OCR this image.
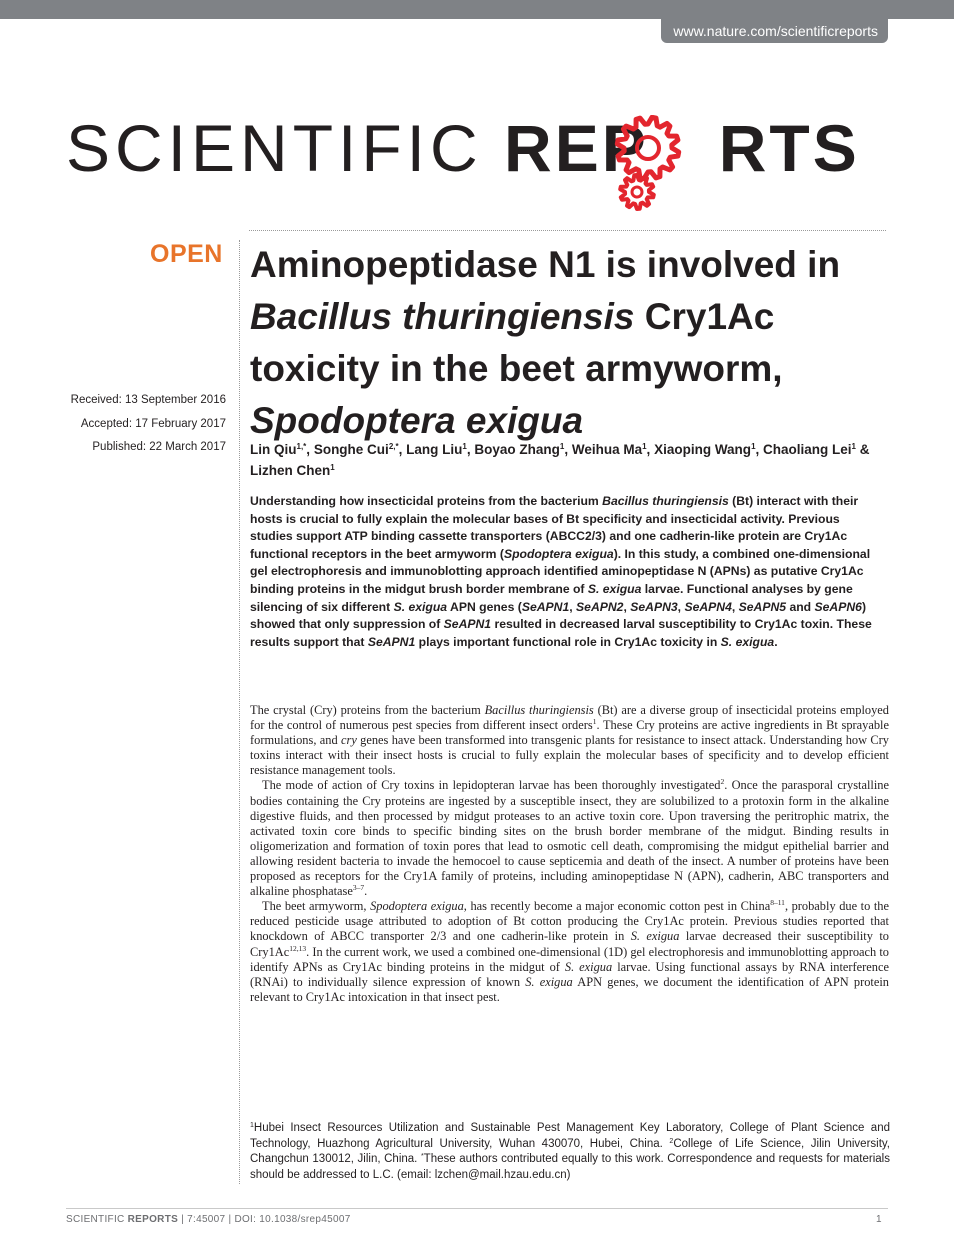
www.nature.com/scientificreports
SCIENTIFIC REP RTS
OPEN
Received: 13 September 2016
Accepted: 17 February 2017
Published: 22 March 2017
Aminopeptidase N1 is involved in Bacillus thuringiensis Cry1Ac toxicity in the beet armyworm, Spodoptera exigua
Lin Qiu$^{1,*}$, Songhe Cui$^{2,*}$, Lang Liu$^1$, Boyao Zhang$^1$, Weihua Ma$^1$, Xiaoping Wang$^1$, Chaoliang Lei$^1$ & Lizhen Chen$^1$
Understanding how insecticidal proteins from the bacterium Bacillus thuringiensis (Bt) interact with their hosts is crucial to fully explain the molecular bases of Bt specificity and insecticidal activity. Previous studies support ATP binding cassette transporters (ABCC2/3) and one cadherin-like protein are Cry1Ac functional receptors in the beet armyworm (Spodoptera exigua). In this study, a combined one-dimensional gel electrophoresis and immunoblotting approach identified aminopeptidase N (APNs) as putative Cry1Ac binding proteins in the midgut brush border membrane of S. exigua larvae. Functional analyses by gene silencing of six different S. exigua APN genes (SeAPN1, SeAPN2, SeAPN3, SeAPN4, SeAPN5 and SeAPN6) showed that only suppression of SeAPN1 resulted in decreased larval susceptibility to Cry1Ac toxin. These results support that SeAPN1 plays important functional role in Cry1Ac toxicity in S. exigua.

The crystal (Cry) proteins from the bacterium Bacillus thuringiensis (Bt) are a diverse group of insecticidal proteins employed for the control of numerous pest species from different insect orders$^1$. These Cry proteins are active ingredients in Bt sprayable formulations, and cry genes have been transformed into transgenic plants for resistance to insect attack. Understanding how Cry toxins interact with their insect hosts is crucial to fully explain the molecular bases of specificity and to develop efficient resistance management tools.

The mode of action of Cry toxins in lepidopteran larvae has been thoroughly investigated$^2$. Once the parasporal crystalline bodies containing the Cry proteins are ingested by a susceptible insect, they are solubilized to a protoxin form in the alkaline digestive fluids, and then processed by midgut proteases to an active toxin core. Upon traversing the peritrophic matrix, the activated toxin core binds to specific binding sites on the brush border membrane of the midgut. Binding results in oligomerization and formation of toxin pores that lead to osmotic cell death, compromising the midgut epithelial barrier and allowing resident bacteria to invade the hemocoel to cause septicemia and death of the insect. A number of proteins have been proposed as receptors for the Cry1A family of proteins, including aminopeptidase N (APN), cadherin, ABC transporters and alkaline phosphatase$^{3-7}$.

The beet armyworm, Spodoptera exigua, has recently become a major economic cotton pest in China$^{8-11}$, probably due to the reduced pesticide usage attributed to adoption of Bt cotton producing the Cry1Ac protein. Previous studies reported that knockdown of ABCC transporter 2/3 and one cadherin-like protein in S. exigua larvae decreased their susceptibility to Cry1Ac$^{12,13}$. In the current work, we used a combined one-dimensional (1D) gel electrophoresis and immunoblotting approach to identify APNs as Cry1Ac binding proteins in the midgut of S. exigua larvae. Using functional assays by RNA interference (RNAi) to individually silence expression of known S. exigua APN genes, we document the identification of APN protein relevant to Cry1Ac intoxication in that insect pest.

$^1$Hubei Insect Resources Utilization and Sustainable Pest Management Key Laboratory, College of Plant Science and Technology, Huazhong Agricultural University, Wuhan 430070, Hubei, China. $^2$College of Life Science, Jilin University, Changchun 130012, Jilin, China. *These authors contributed equally to this work. Correspondence and requests for materials should be addressed to L.C. (email: lzchen@mail.hzau.edu.cn)
SCIENTIFIC REPORTS | 7:45007 | DOI: 10.1038/srep45007	1
